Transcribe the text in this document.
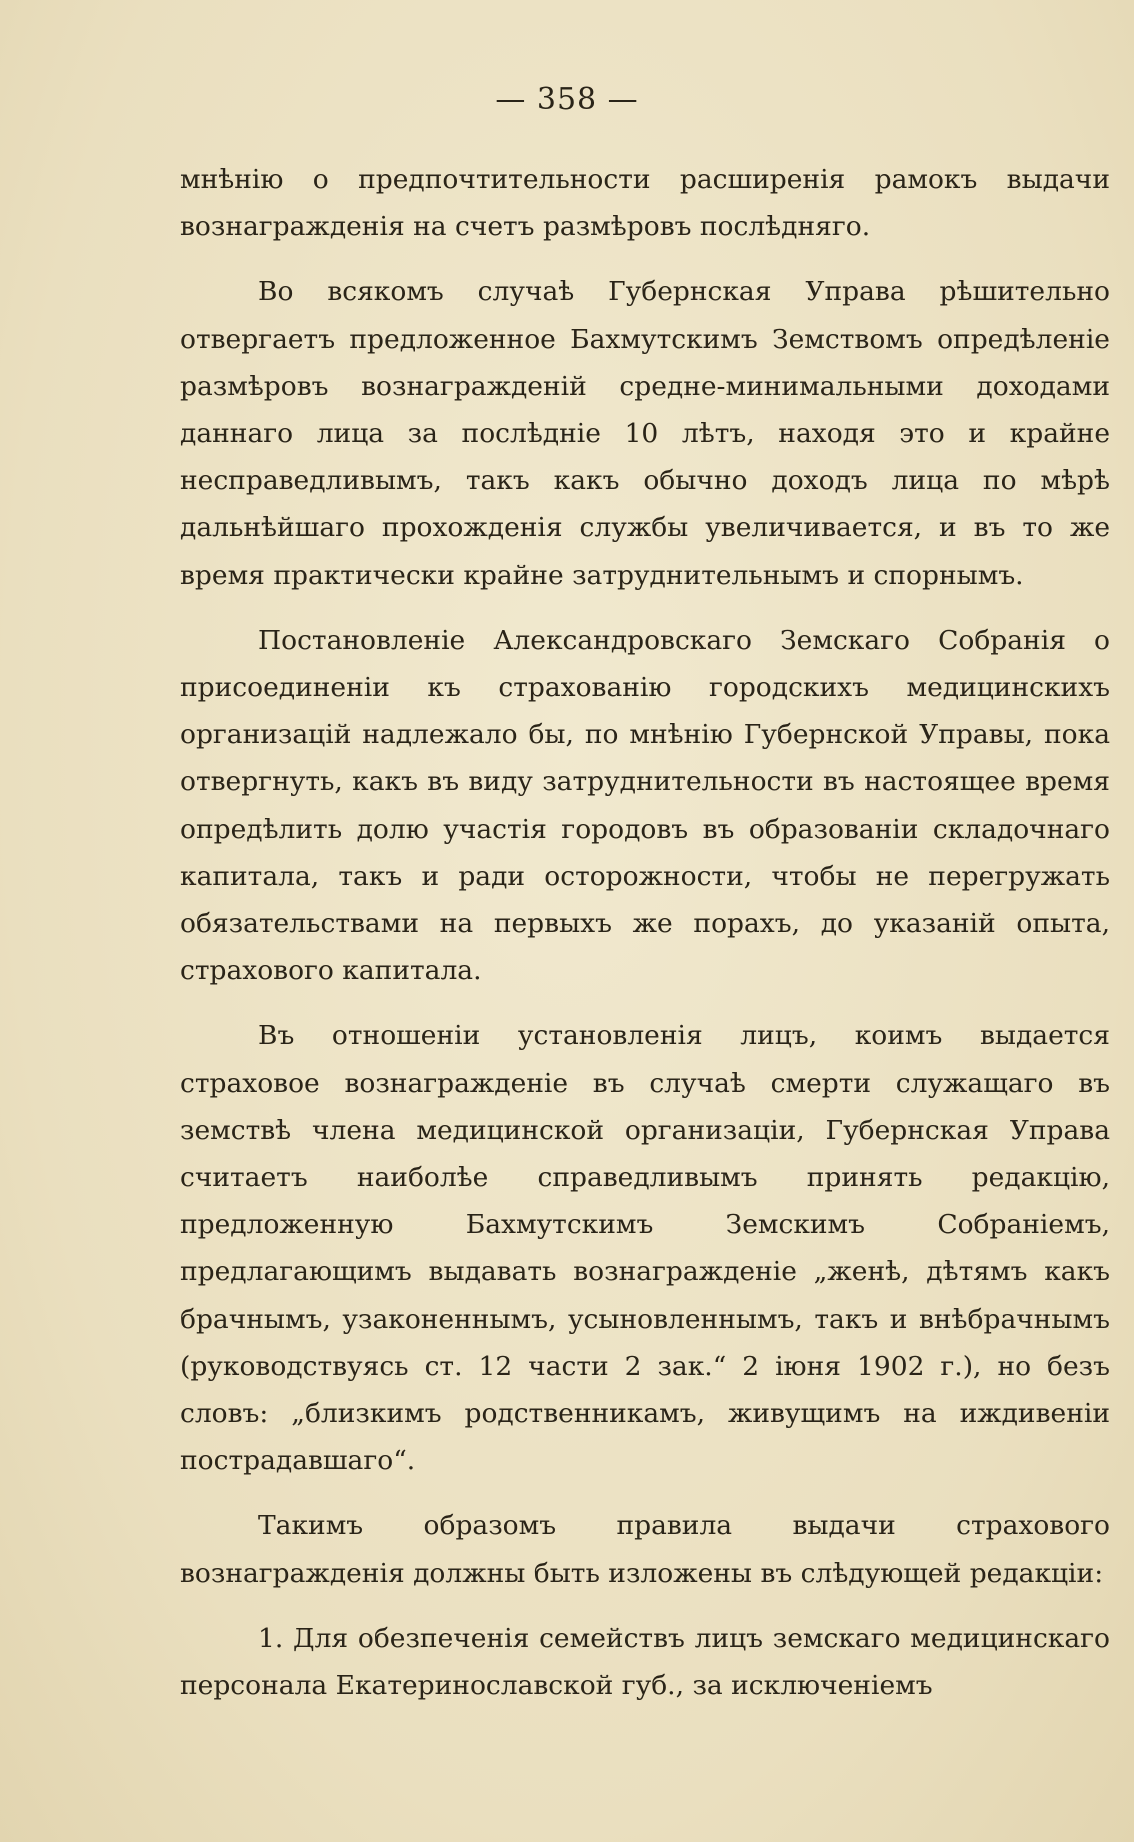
— 358 —

мнѣнію о предпочтительности расширенія рамокъ выдачи вознагражденія на счетъ размѣровъ послѣдняго.

Во всякомъ случаѣ Губернская Управа рѣшительно отвергаетъ предложенное Бахмутскимъ Земствомъ опредѣленіе размѣровъ вознагражденій средне-минимальными доходами даннаго лица за послѣдніе 10 лѣтъ, находя это и крайне несправедливымъ, такъ какъ обычно доходъ лица по мѣрѣ дальнѣйшаго прохожденія службы увеличивается, и въ то же время практически крайне затруднительнымъ и спорнымъ.

Постановленіе Александровскаго Земскаго Собранія о присоединеніи къ страхованію городскихъ медицинскихъ организацій надлежало бы, по мнѣнію Губернской Управы, пока отвергнуть, какъ въ виду затруднительности въ настоящее время опредѣлить долю участія городовъ въ образованіи складочнаго капитала, такъ и ради осторожности, чтобы не перегружать обязательствами на первыхъ же порахъ, до указаній опыта, страхового капитала.

Въ отношеніи установленія лицъ, коимъ выдается страховое вознагражденіе въ случаѣ смерти служащаго въ земствѣ члена медицинской организаціи, Губернская Управа считаетъ наиболѣе справедливымъ принять редакцію, предложенную Бахмутскимъ Земскимъ Собраніемъ, предлагающимъ выдавать вознагражденіе „женѣ, дѣтямъ какъ брачнымъ, узаконеннымъ, усыновленнымъ, такъ и внѣбрачнымъ (руководствуясь ст. 12 части 2 зак.“ 2 іюня 1902 г.), но безъ словъ: „близкимъ родственникамъ, живущимъ на иждивеніи пострадавшаго“.

Такимъ образомъ правила выдачи страхового вознагражденія должны быть изложены въ слѣдующей редакціи:

1. Для обезпеченія семействъ лицъ земскаго медицинскаго персонала Екатеринославской губ., за исключеніемъ
